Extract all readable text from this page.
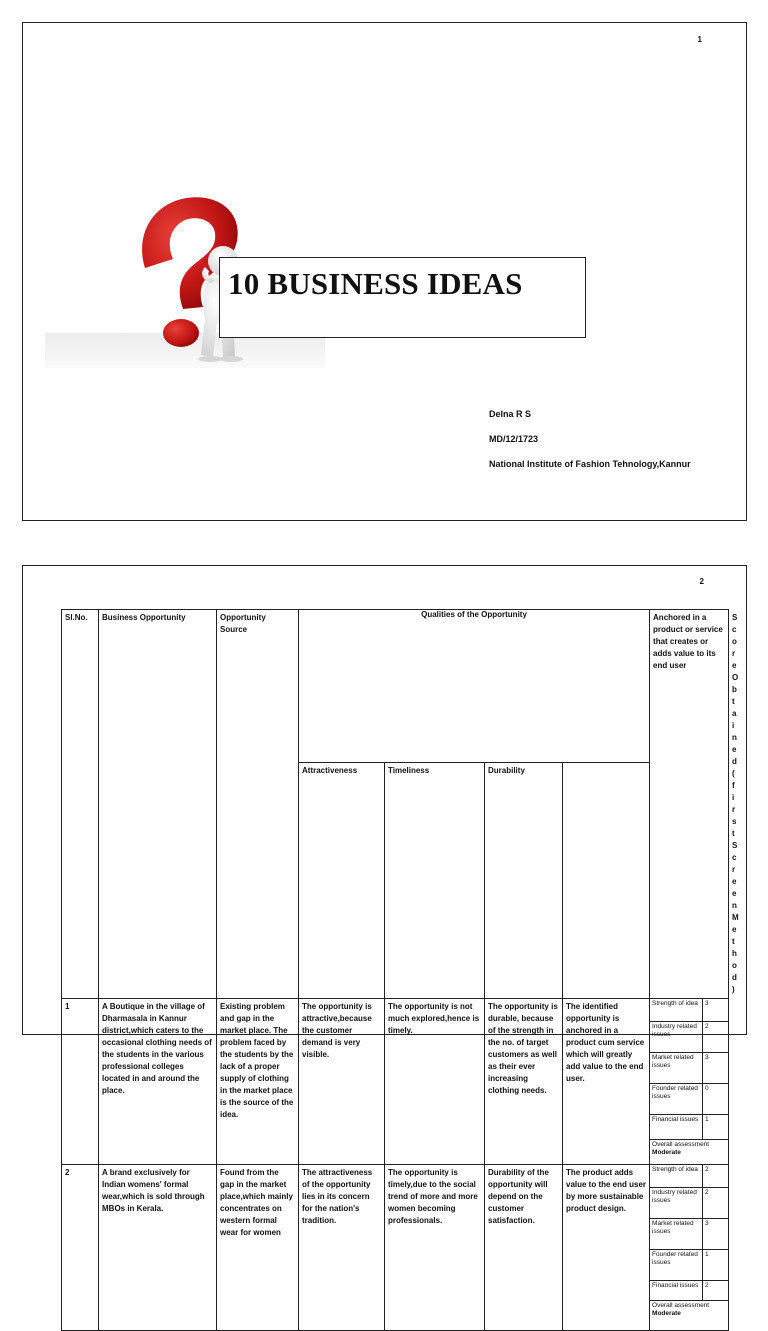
1
10 BUSINESS IDEAS
Delna R S
MD/12/1723
National Institute of Fashion Tehnology,Kannur
2
Sl.No.	Business Opportunity	Opportunity Source	Qualities of the Opportunity	Anchored in a product or service that creates or adds value to its end user	Score Obtained (first Screen Method)
Attractiveness	Timeliness	Durability
1	A Boutique in the village of Dharmasala in Kannur district,which caters to the occasional clothing needs of the students in the various professional colleges located in and around the place.	Existing problem and gap in the market place. The problem faced by the students by the lack of a proper supply of clothing in the market place is the source of the idea.	The opportunity is attractive,because the customer demand is very visible.	The opportunity is not much explored,hence is timely.	The opportunity is durable, because of the strength in the no. of target customers as well as their ever increasing clothing needs.	The identified opportunity is anchored in a product cum service which will greatly add value to the end user.	
Strength of idea	3
Industry related issues	2
Market related issues	3
Founder related issues	0
Financial issues	1
Overall assessment
Moderate

2	A brand exclusively for Indian womens' formal wear,which is sold through MBOs in Kerala.	Found from the gap in the market place,which mainly concentrates on western formal wear for women	The attractiveness of the opportunity lies in its concern for the nation's tradition.	The opportunity is timely,due to the social trend of more and more women becoming professionals.	Durability of the opportunity will depend on the customer satisfaction.	The product adds value to the end user by more sustainable product design.	
Strength of idea	2
Industry related issues	2
Market related issues	3
Founder related issues	1
Financial issues	2
Overall assessment
Moderate
